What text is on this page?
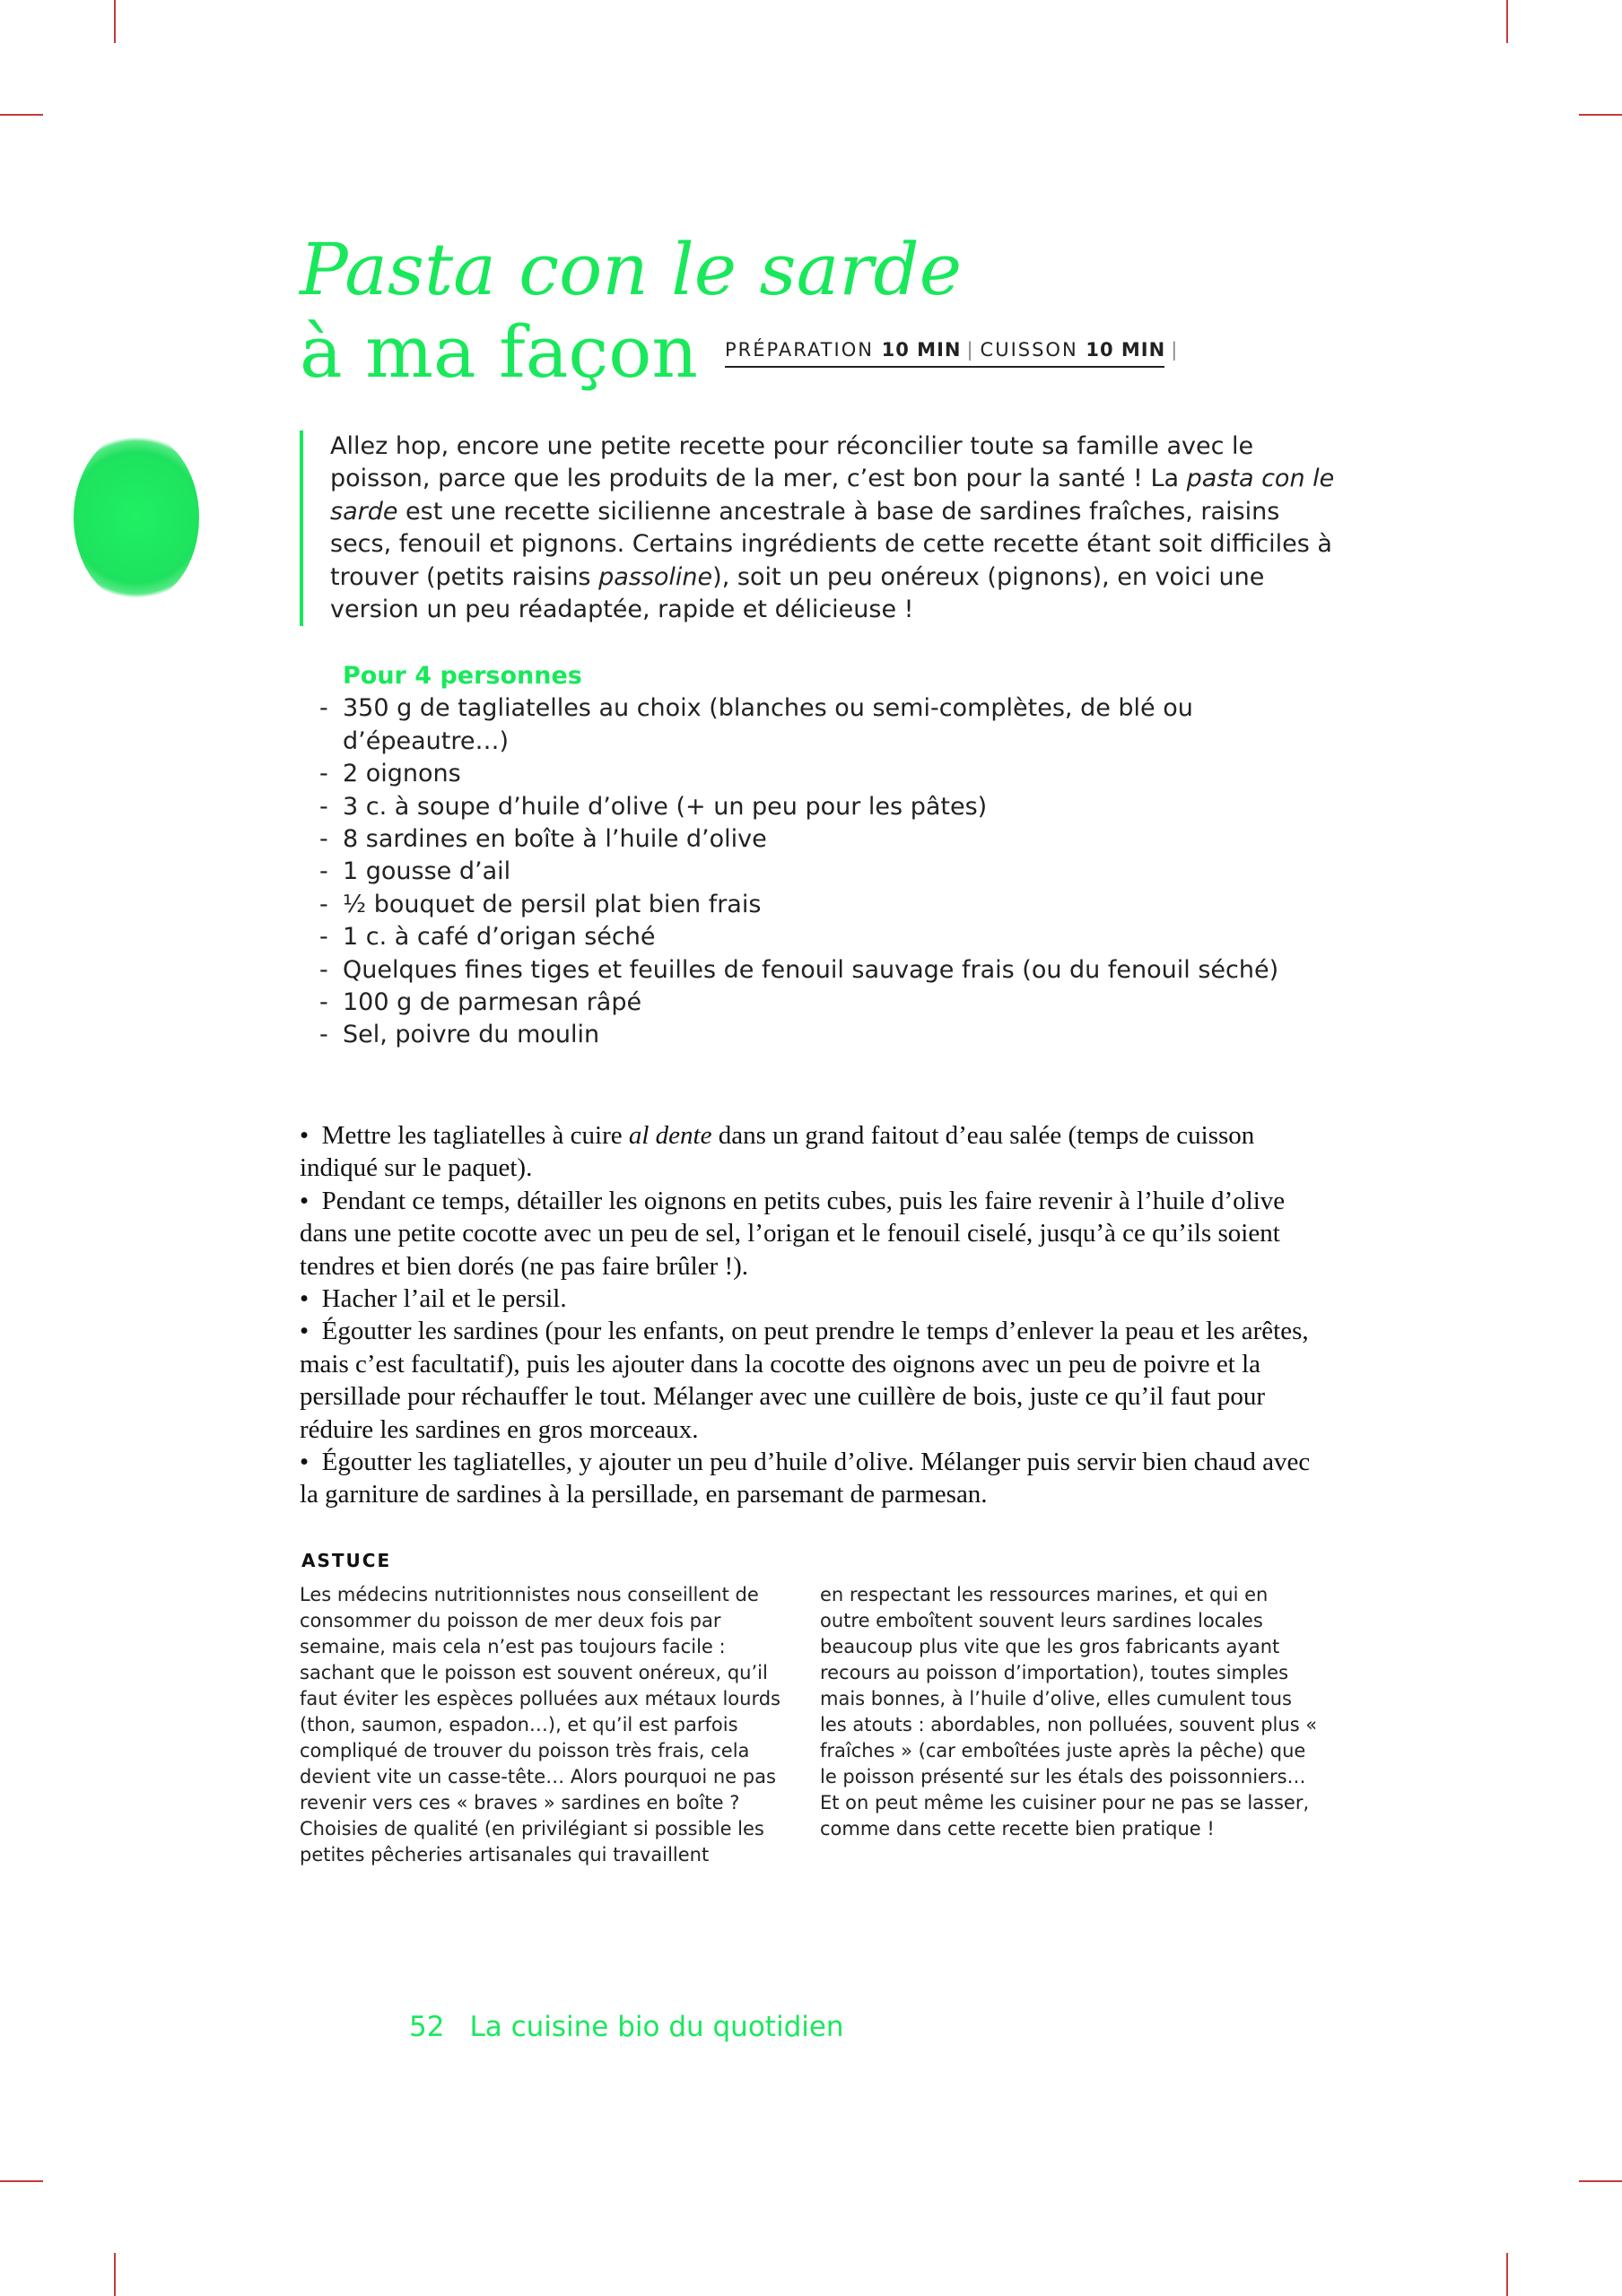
Pasta con le sarde
à ma façon	PRÉPARATION 10 MIN | CUISSON 10 MIN |

Allez hop, encore une petite recette pour réconcilier toute sa famille avec le poisson, parce que les produits de la mer, c’est bon pour la santé ! La pasta con le sarde est une recette sicilienne ancestrale à base de sardines fraîches, raisins secs, fenouil et pignons. Certains ingrédients de cette recette étant soit difficiles à trouver (petits raisins passoline), soit un peu onéreux (pignons), en voici une version un peu réadaptée, rapide et délicieuse !

Pour 4 personnes
- 350 g de tagliatelles au choix (blanches ou semi-complètes, de blé ou d’épeautre…)
- 2 oignons
- 3 c. à soupe d’huile d’olive (+ un peu pour les pâtes)
- 8 sardines en boîte à l’huile d’olive
- 1 gousse d’ail
- ½ bouquet de persil plat bien frais
- 1 c. à café d’origan séché
- Quelques fines tiges et feuilles de fenouil sauvage frais (ou du fenouil séché)
- 100 g de parmesan râpé
- Sel, poivre du moulin

• Mettre les tagliatelles à cuire al dente dans un grand faitout d’eau salée (temps de cuisson indiqué sur le paquet).

• Pendant ce temps, détailler les oignons en petits cubes, puis les faire revenir à l’huile d’olive dans une petite cocotte avec un peu de sel, l’origan et le fenouil ciselé, jusqu’à ce qu’ils soient tendres et bien dorés (ne pas faire brûler !).

• Hacher l’ail et le persil.

• Égoutter les sardines (pour les enfants, on peut prendre le temps d’enlever la peau et les arêtes, mais c’est facultatif), puis les ajouter dans la cocotte des oignons avec un peu de poivre et la persillade pour réchauffer le tout. Mélanger avec une cuillère de bois, juste ce qu’il faut pour réduire les sardines en gros morceaux.

• Égoutter les tagliatelles, y ajouter un peu d’huile d’olive. Mélanger puis servir bien chaud avec la garniture de sardines à la persillade, en parsemant de parmesan.

ASTUCE

Les médecins nutritionnistes nous conseillent de consommer du poisson de mer deux fois par semaine, mais cela n’est pas toujours facile : sachant que le poisson est souvent onéreux, qu’il faut éviter les espèces polluées aux métaux lourds (thon, saumon, espadon…), et qu’il est parfois compliqué de trouver du poisson très frais, cela devient vite un casse-tête… Alors pourquoi ne pas revenir vers ces « braves » sardines en boîte ? Choisies de qualité (en privilégiant si possible les petites pêcheries artisanales qui travaillent

en respectant les ressources marines, et qui en outre emboîtent souvent leurs sardines locales beaucoup plus vite que les gros fabricants ayant recours au poisson d’importation), toutes simples mais bonnes, à l’huile d’olive, elles cumulent tous les atouts : abordables, non polluées, souvent plus « fraîches » (car emboîtées juste après la pêche) que le poisson présenté sur les étals des poissonniers… Et on peut même les cuisiner pour ne pas se lasser, comme dans cette recette bien pratique !

52 La cuisine bio du quotidien
